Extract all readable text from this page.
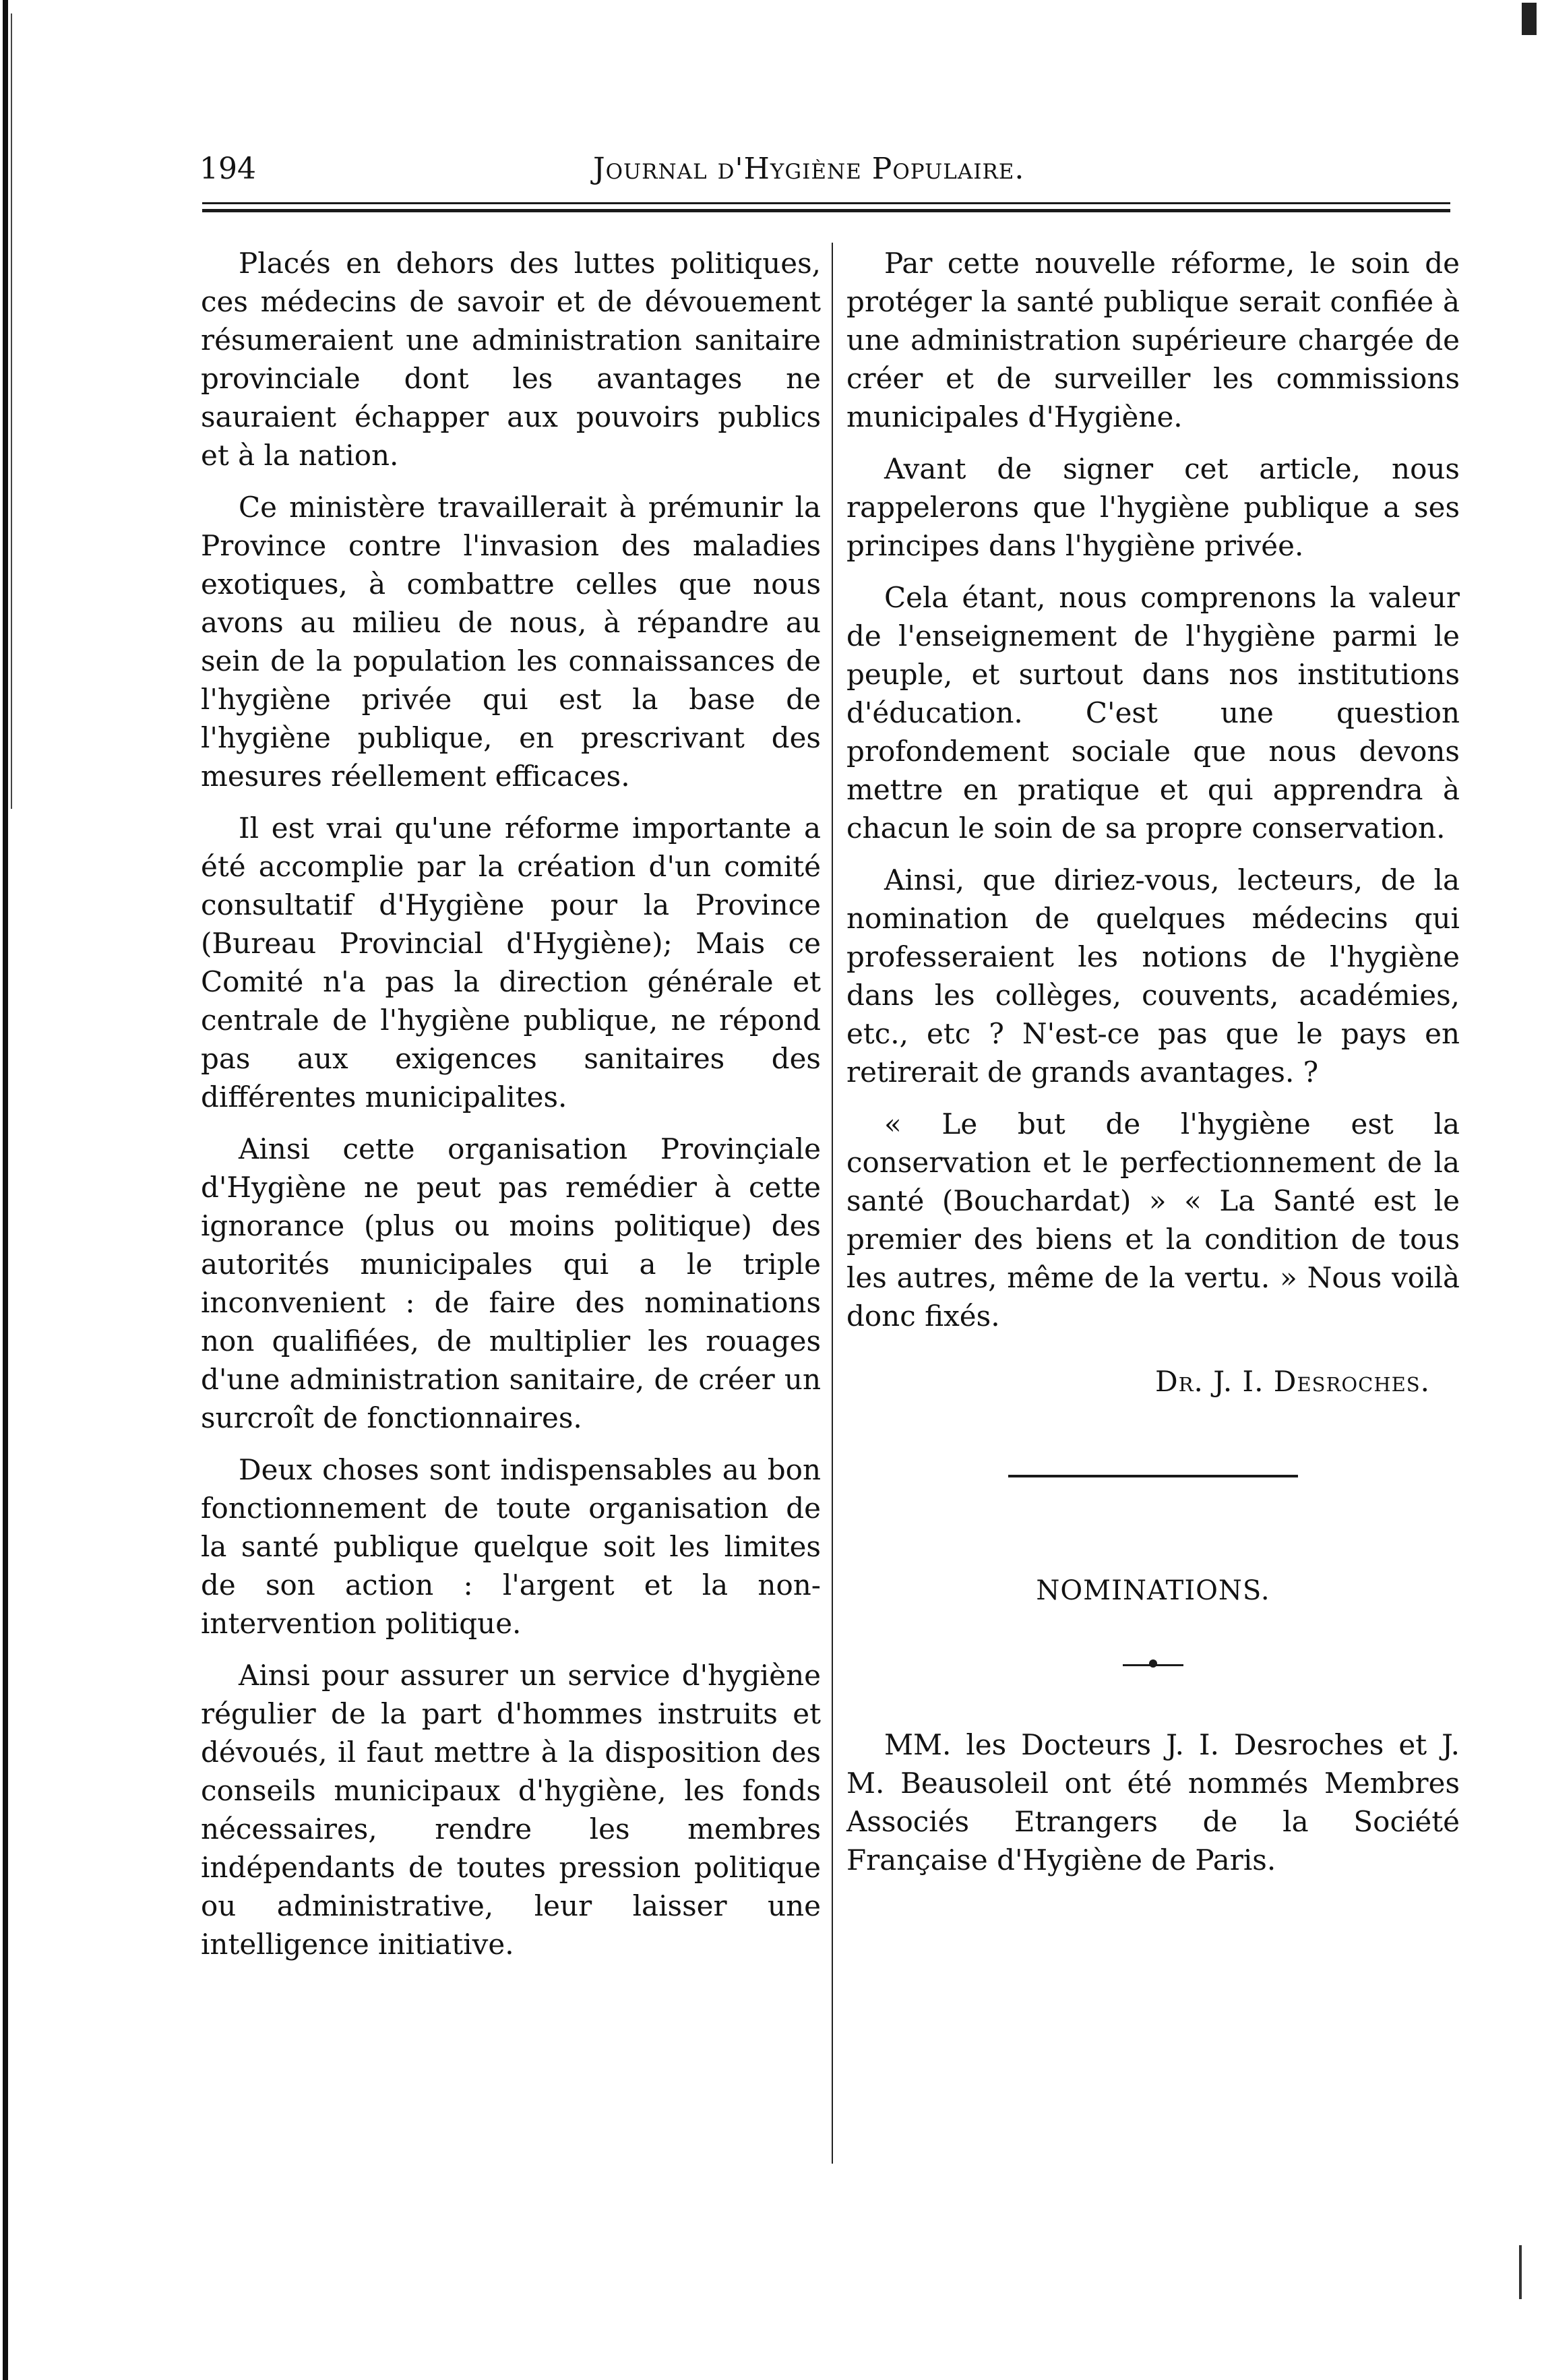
194	Journal d'Hygiène Populaire.

Placés en dehors des luttes politiques, ces médecins de savoir et de dévouement résumeraient une administration sanitaire provinciale dont les avantages ne sauraient échapper aux pouvoirs publics et à la nation.

Ce ministère travaillerait à prémunir la Province contre l'invasion des maladies exotiques, à combattre celles que nous avons au milieu de nous, à répandre au sein de la population les connaissances de l'hygiène privée qui est la base de l'hygiène publique, en prescrivant des mesures réellement efficaces.

Il est vrai qu'une réforme importante a été accomplie par la création d'un comité consultatif d'Hygiène pour la Province (Bureau Provincial d'Hygiène); Mais ce Comité n'a pas la direction générale et centrale de l'hygiène publique, ne répond pas aux exigences sanitaires des différentes municipalites.

Ainsi cette organisation Provinçiale d'Hygiène ne peut pas remédier à cette ignorance (plus ou moins politique) des autorités municipales qui a le triple inconvenient : de faire des nominations non qualifiées, de multiplier les rouages d'une administration sanitaire, de créer un surcroît de fonctionnaires.

Deux choses sont indispensables au bon fonctionnement de toute organisation de la santé publique quelque soit les limites de son action : l'argent et la non-intervention politique.

Ainsi pour assurer un service d'hygiène régulier de la part d'hommes instruits et dévoués, il faut mettre à la disposition des conseils municipaux d'hygiène, les fonds nécessaires, rendre les membres indépendants de toutes pression politique ou administrative, leur laisser une intelligence initiative.

Par cette nouvelle réforme, le soin de protéger la santé publique serait confiée à une administration supérieure chargée de créer et de surveiller les commissions municipales d'Hygiène.

Avant de signer cet article, nous rappelerons que l'hygiène publique a ses principes dans l'hygiène privée.

Cela étant, nous comprenons la valeur de l'enseignement de l'hygiène parmi le peuple, et surtout dans nos institutions d'éducation. C'est une question profondement sociale que nous devons mettre en pratique et qui apprendra à chacun le soin de sa propre conservation.

Ainsi, que diriez-vous, lecteurs, de la nomination de quelques médecins qui professeraient les notions de l'hygiène dans les collèges, couvents, académies, etc., etc ? N'est-ce pas que le pays en retirerait de grands avantages. ?

« Le but de l'hygiène est la conservation et le perfectionnement de la santé (Bouchardat) » « La Santé est le premier des biens et la condition de tous les autres, même de la vertu. » Nous voilà donc fixés.

Dr. J. I. Desroches.
NOMINATIONS.

MM. les Docteurs J. I. Desroches et J. M. Beausoleil ont été nommés Membres Associés Etrangers de la Société Française d'Hygiène de Paris.
